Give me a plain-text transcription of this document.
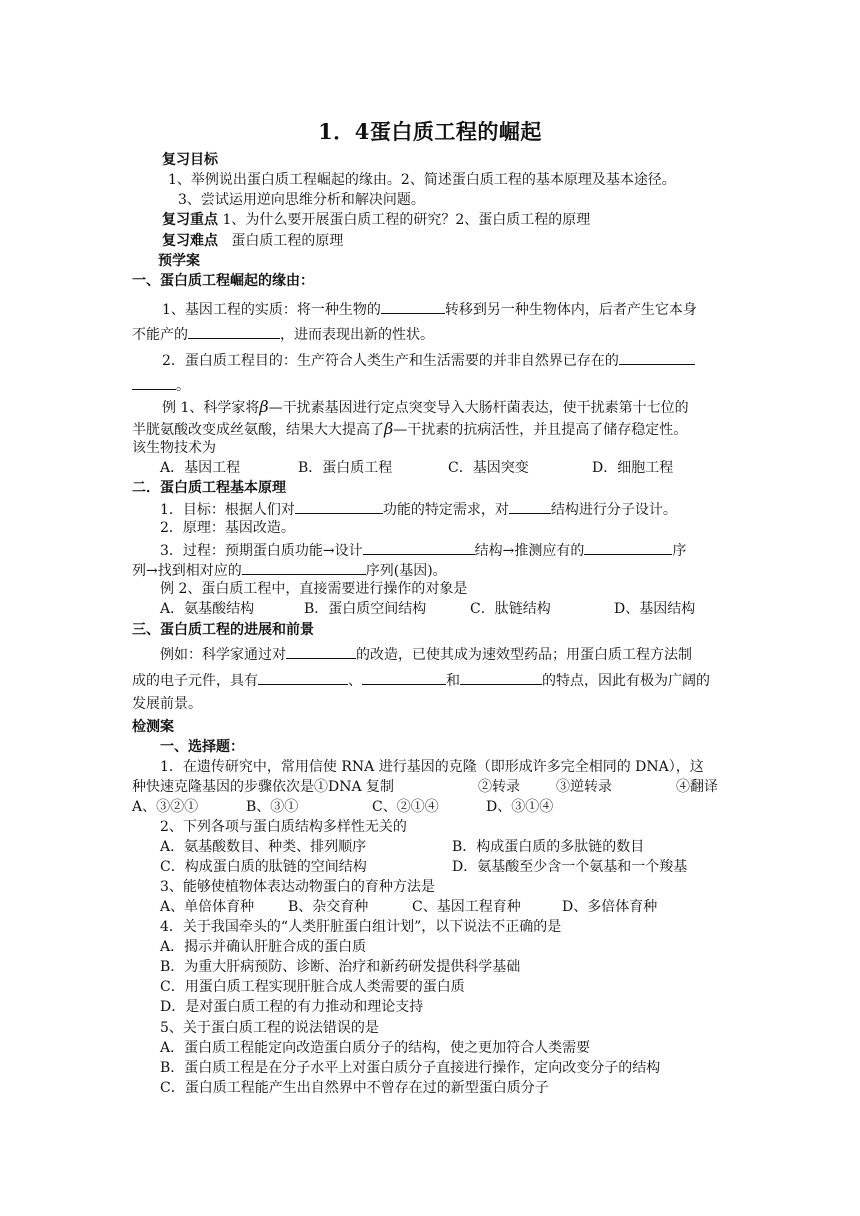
1．4蛋白质工程的崛起
复习目标
1、举例说出蛋白质工程崛起的缘由。2、简述蛋白质工程的基本原理及基本途径。
3、尝试运用逆向思维分析和解决问题。
复习重点 1、为什么要开展蛋白质工程的研究？2、蛋白质工程的原理
复习难点 蛋白质工程的原理
预学案
一、蛋白质工程崛起的缘由：
1、基因工程的实质：将一种生物的	转移到另一种生物体内，后者产生它本身
不能产的	，进而表现出新的性状。
2．蛋白质工程目的：生产符合人类生产和生活需要的并非自然界已存在的
。
例 1、科学家将β—干扰素基因进行定点突变导入大肠杆菌表达，使干扰素第十七位的
半胱氨酸改变成丝氨酸，结果大大提高了β—干扰素的抗病活性，并且提高了储存稳定性。
该生物技术为
A．基因工程	B．蛋白质工程	C．基因突变	D．细胞工程
二．蛋白质工程基本原理
1．目标：根据人们对	功能的特定需求，对	结构进行分子设计。
2．原理：基因改造。
3．过程：预期蛋白质功能→设计	结构→推测应有的	序
列→找到相对应的	序列(基因)。
例 2、蛋白质工程中，直接需要进行操作的对象是
A．氨基酸结构	B．蛋白质空间结构	C．肽链结构	D、基因结构
三、蛋白质工程的进展和前景
例如：科学家通过对	的改造，已使其成为速效型药品；用蛋白质工程方法制
成的电子元件，具有	、	和	的特点，因此有极为广阔的
发展前景。
检测案
一、选择题：
1．在遗传研究中，常用信使 RNA 进行基因的克隆（即形成许多完全相同的 DNA），这
种快速克隆基因的步骤依次是①DNA 复制	②转录	③逆转录	④翻译
A、③②①	B、③①	C、②①④	D、③①④
2、下列各项与蛋白质结构多样性无关的
A．氨基酸数目、种类、排列顺序	B．构成蛋白质的多肽链的数目
C．构成蛋白质的肽链的空间结构	D．氨基酸至少含一个氨基和一个羧基
3、能够使植物体表达动物蛋白的育种方法是
A、单倍体育种 B、杂交育种	C、基因工程育种	D、多倍体育种
4．关于我国牵头的“人类肝脏蛋白组计划”，以下说法不正确的是
A．揭示并确认肝脏合成的蛋白质
B．为重大肝病预防、诊断、治疗和新药研发提供科学基础
C．用蛋白质工程实现肝脏合成人类需要的蛋白质
D．是对蛋白质工程的有力推动和理论支持
5、关于蛋白质工程的说法错误的是
A．蛋白质工程能定向改造蛋白质分子的结构，使之更加符合人类需要
B．蛋白质工程是在分子水平上对蛋白质分子直接进行操作，定向改变分子的结构
C．蛋白质工程能产生出自然界中不曾存在过的新型蛋白质分子
